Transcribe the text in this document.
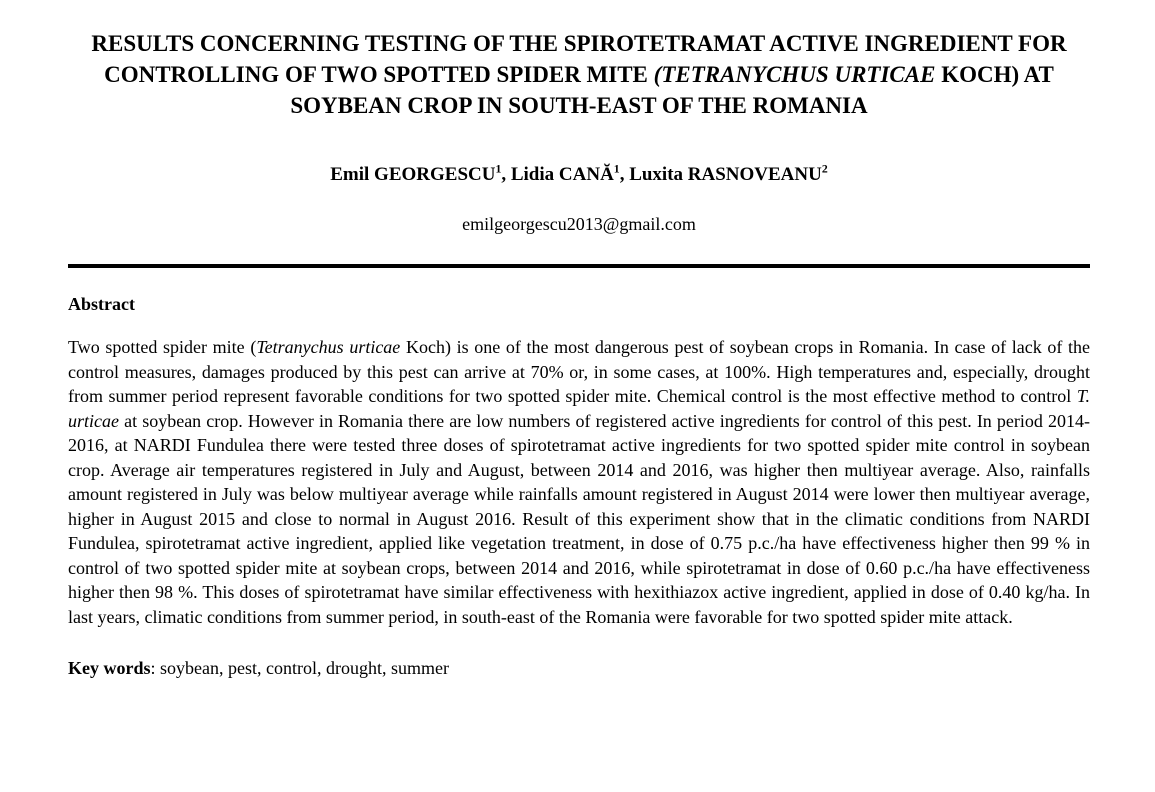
RESULTS CONCERNING TESTING OF THE SPIROTETRAMAT ACTIVE INGREDIENT FOR CONTROLLING OF TWO SPOTTED SPIDER MITE (TETRANYCHUS URTICAE KOCH) AT SOYBEAN CROP IN SOUTH-EAST OF THE ROMANIA
Emil GEORGESCU$^1$, Lidia CANĂ$^1$, Luxita RASNOVEANU$^2$
emilgeorgescu2013@gmail.com
Abstract

Two spotted spider mite (Tetranychus urticae Koch) is one of the most dangerous pest of soybean crops in Romania. In case of lack of the control measures, damages produced by this pest can arrive at 70% or, in some cases, at 100%. High temperatures and, especially, drought from summer period represent favorable conditions for two spotted spider mite. Chemical control is the most effective method to control T. urticae at soybean crop. However in Romania there are low numbers of registered active ingredients for control of this pest. In period 2014-2016, at NARDI Fundulea there were tested three doses of spirotetramat active ingredients for two spotted spider mite control in soybean crop. Average air temperatures registered in July and August, between 2014 and 2016, was higher then multiyear average. Also, rainfalls amount registered in July was below multiyear average while rainfalls amount registered in August 2014 were lower then multiyear average, higher in August 2015 and close to normal in August 2016. Result of this experiment show that in the climatic conditions from NARDI Fundulea, spirotetramat active ingredient, applied like vegetation treatment, in dose of 0.75 p.c./ha have effectiveness higher then 99 % in control of two spotted spider mite at soybean crops, between 2014 and 2016, while spirotetramat in dose of 0.60 p.c./ha have effectiveness higher then 98 %. This doses of spirotetramat have similar effectiveness with hexithiazox active ingredient, applied in dose of 0.40 kg/ha. In last years, climatic conditions from summer period, in south-east of the Romania were favorable for two spotted spider mite attack.

Key words: soybean, pest, control, drought, summer
